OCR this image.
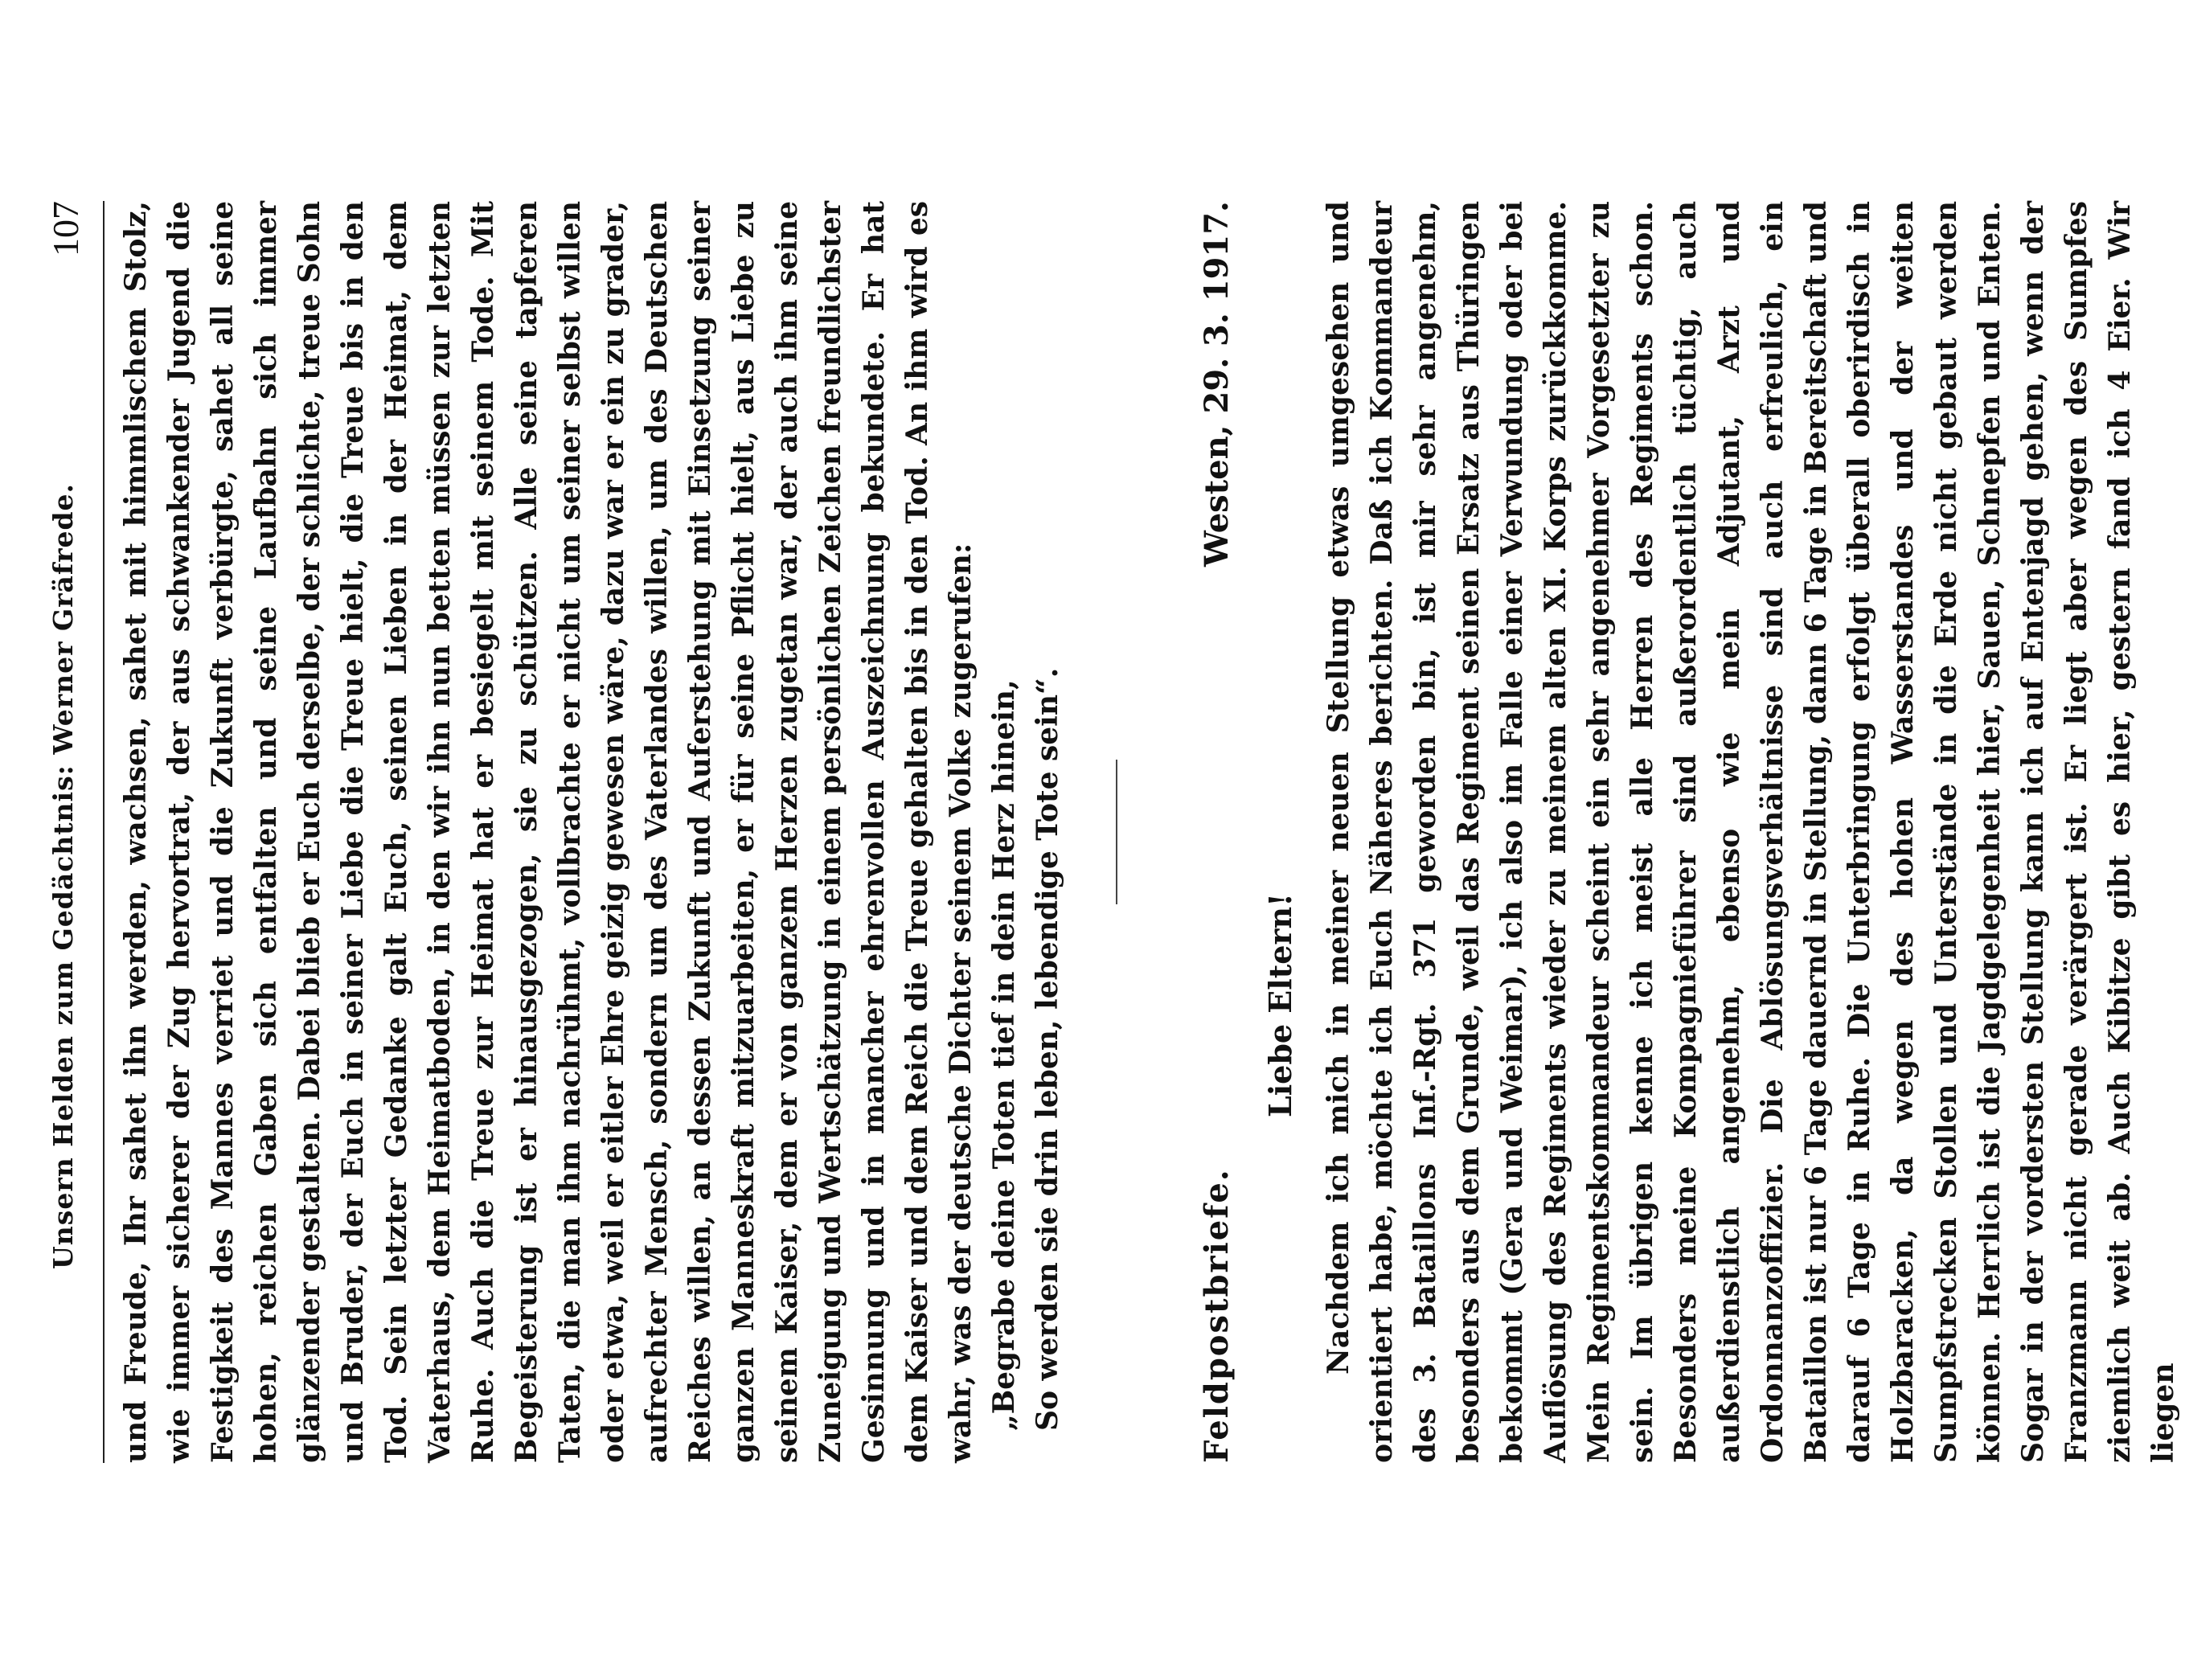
Unsern Helden zum Gedächtnis: Werner Gräfrede.
107 und Freude, Ihr sahet ihn werden, wachsen, sahet mit himmlischem Stolz, wie immer sicherer der Zug hervortrat, der aus schwankender Jugend die Festigkeit des Mannes verriet und die Zukunft verbürgte, sahet all seine hohen, reichen Gaben sich entfalten und seine Laufbahn sich immer glänzender gestalten. Dabei blieb er Euch derselbe, der schlichte, treue Sohn und Bruder, der Euch in seiner Liebe die Treue hielt, die Treue bis in den Tod. Sein letzter Gedanke galt Euch, seinen Lieben in der Heimat, dem Vaterhaus, dem Heimatboden, in den wir ihn nun betten müssen zur letzten Ruhe. Auch die Treue zur Heimat hat er besiegelt mit seinem Tode. Mit Begeisterung ist er hinausgezogen, sie zu schützen. Alle seine tapferen Taten, die man ihm nachrühmt, vollbrachte er nicht um seiner selbst willen oder etwa, weil er eitler Ehre geizig gewesen wäre, dazu war er ein zu grader, aufrechter Mensch, sondern um des Vaterlandes willen, um des Deutschen Reiches willen, an dessen Zukunft und Auferstehung mit Einsetzung seiner ganzen Manneskraft mitzuarbeiten, er für seine Pflicht hielt, aus Liebe zu seinem Kaiser, dem er von ganzem Herzen zugetan war, der auch ihm seine Zuneigung und Wertschätzung in einem persönlichen Zeichen freundlichster Gesinnung und in mancher ehrenvollen Auszeichnung bekundete. Er hat dem Kaiser und dem Reich die Treue gehalten bis in den Tod. An ihm wird es wahr, was der deutsche Dichter seinem Volke zugerufen: „Begrabe deine Toten tief in dein Herz hinein, So werden sie drin leben, lebendige Tote sein“.	Feldpostbriefe.
Westen, 29. 3. 1917.
Liebe Eltern! Nachdem ich mich in meiner neuen Stellung etwas umgesehen und orientiert habe, möchte ich Euch Näheres berichten. Daß ich Kommandeur des 3. Bataillons Inf.-Rgt. 371 geworden bin, ist mir sehr angenehm, besonders aus dem Grunde, weil das Regiment seinen Ersatz aus Thüringen bekommt (Gera und Weimar), ich also im Falle einer Verwundung oder bei Auflösung des Regiments wieder zu meinem alten XI. Korps zurückkomme. Mein Regimentskommandeur scheint ein sehr angenehmer Vorgesetzter zu sein. Im übrigen kenne ich meist alle Herren des Regiments schon. Besonders meine Kompagnieführer sind außerordentlich tüchtig, auch außerdienstlich angenehm, ebenso wie mein Adjutant, Arzt und Ordonnanzoffizier. Die Ablösungsverhältnisse sind auch erfreulich, ein Bataillon ist nur 6 Tage dauernd in Stellung, dann 6 Tage in Bereitschaft und darauf 6 Tage in Ruhe. Die Unterbringung erfolgt überall oberirdisch in Holzbaracken, da wegen des hohen Wasserstandes und der weiten Sumpfstrecken Stollen und Unterstände in die Erde nicht gebaut werden können. Herrlich ist die Jagdgelegenheit hier, Sauen, Schnepfen und Enten. Sogar in der vordersten Stellung kann ich auf Entenjagd gehen, wenn der Franzmann nicht gerade verärgert ist. Er liegt aber wegen des Sumpfes ziemlich weit ab. Auch Kibitze gibt es hier, gestern fand ich 4 Eier. Wir liegen
